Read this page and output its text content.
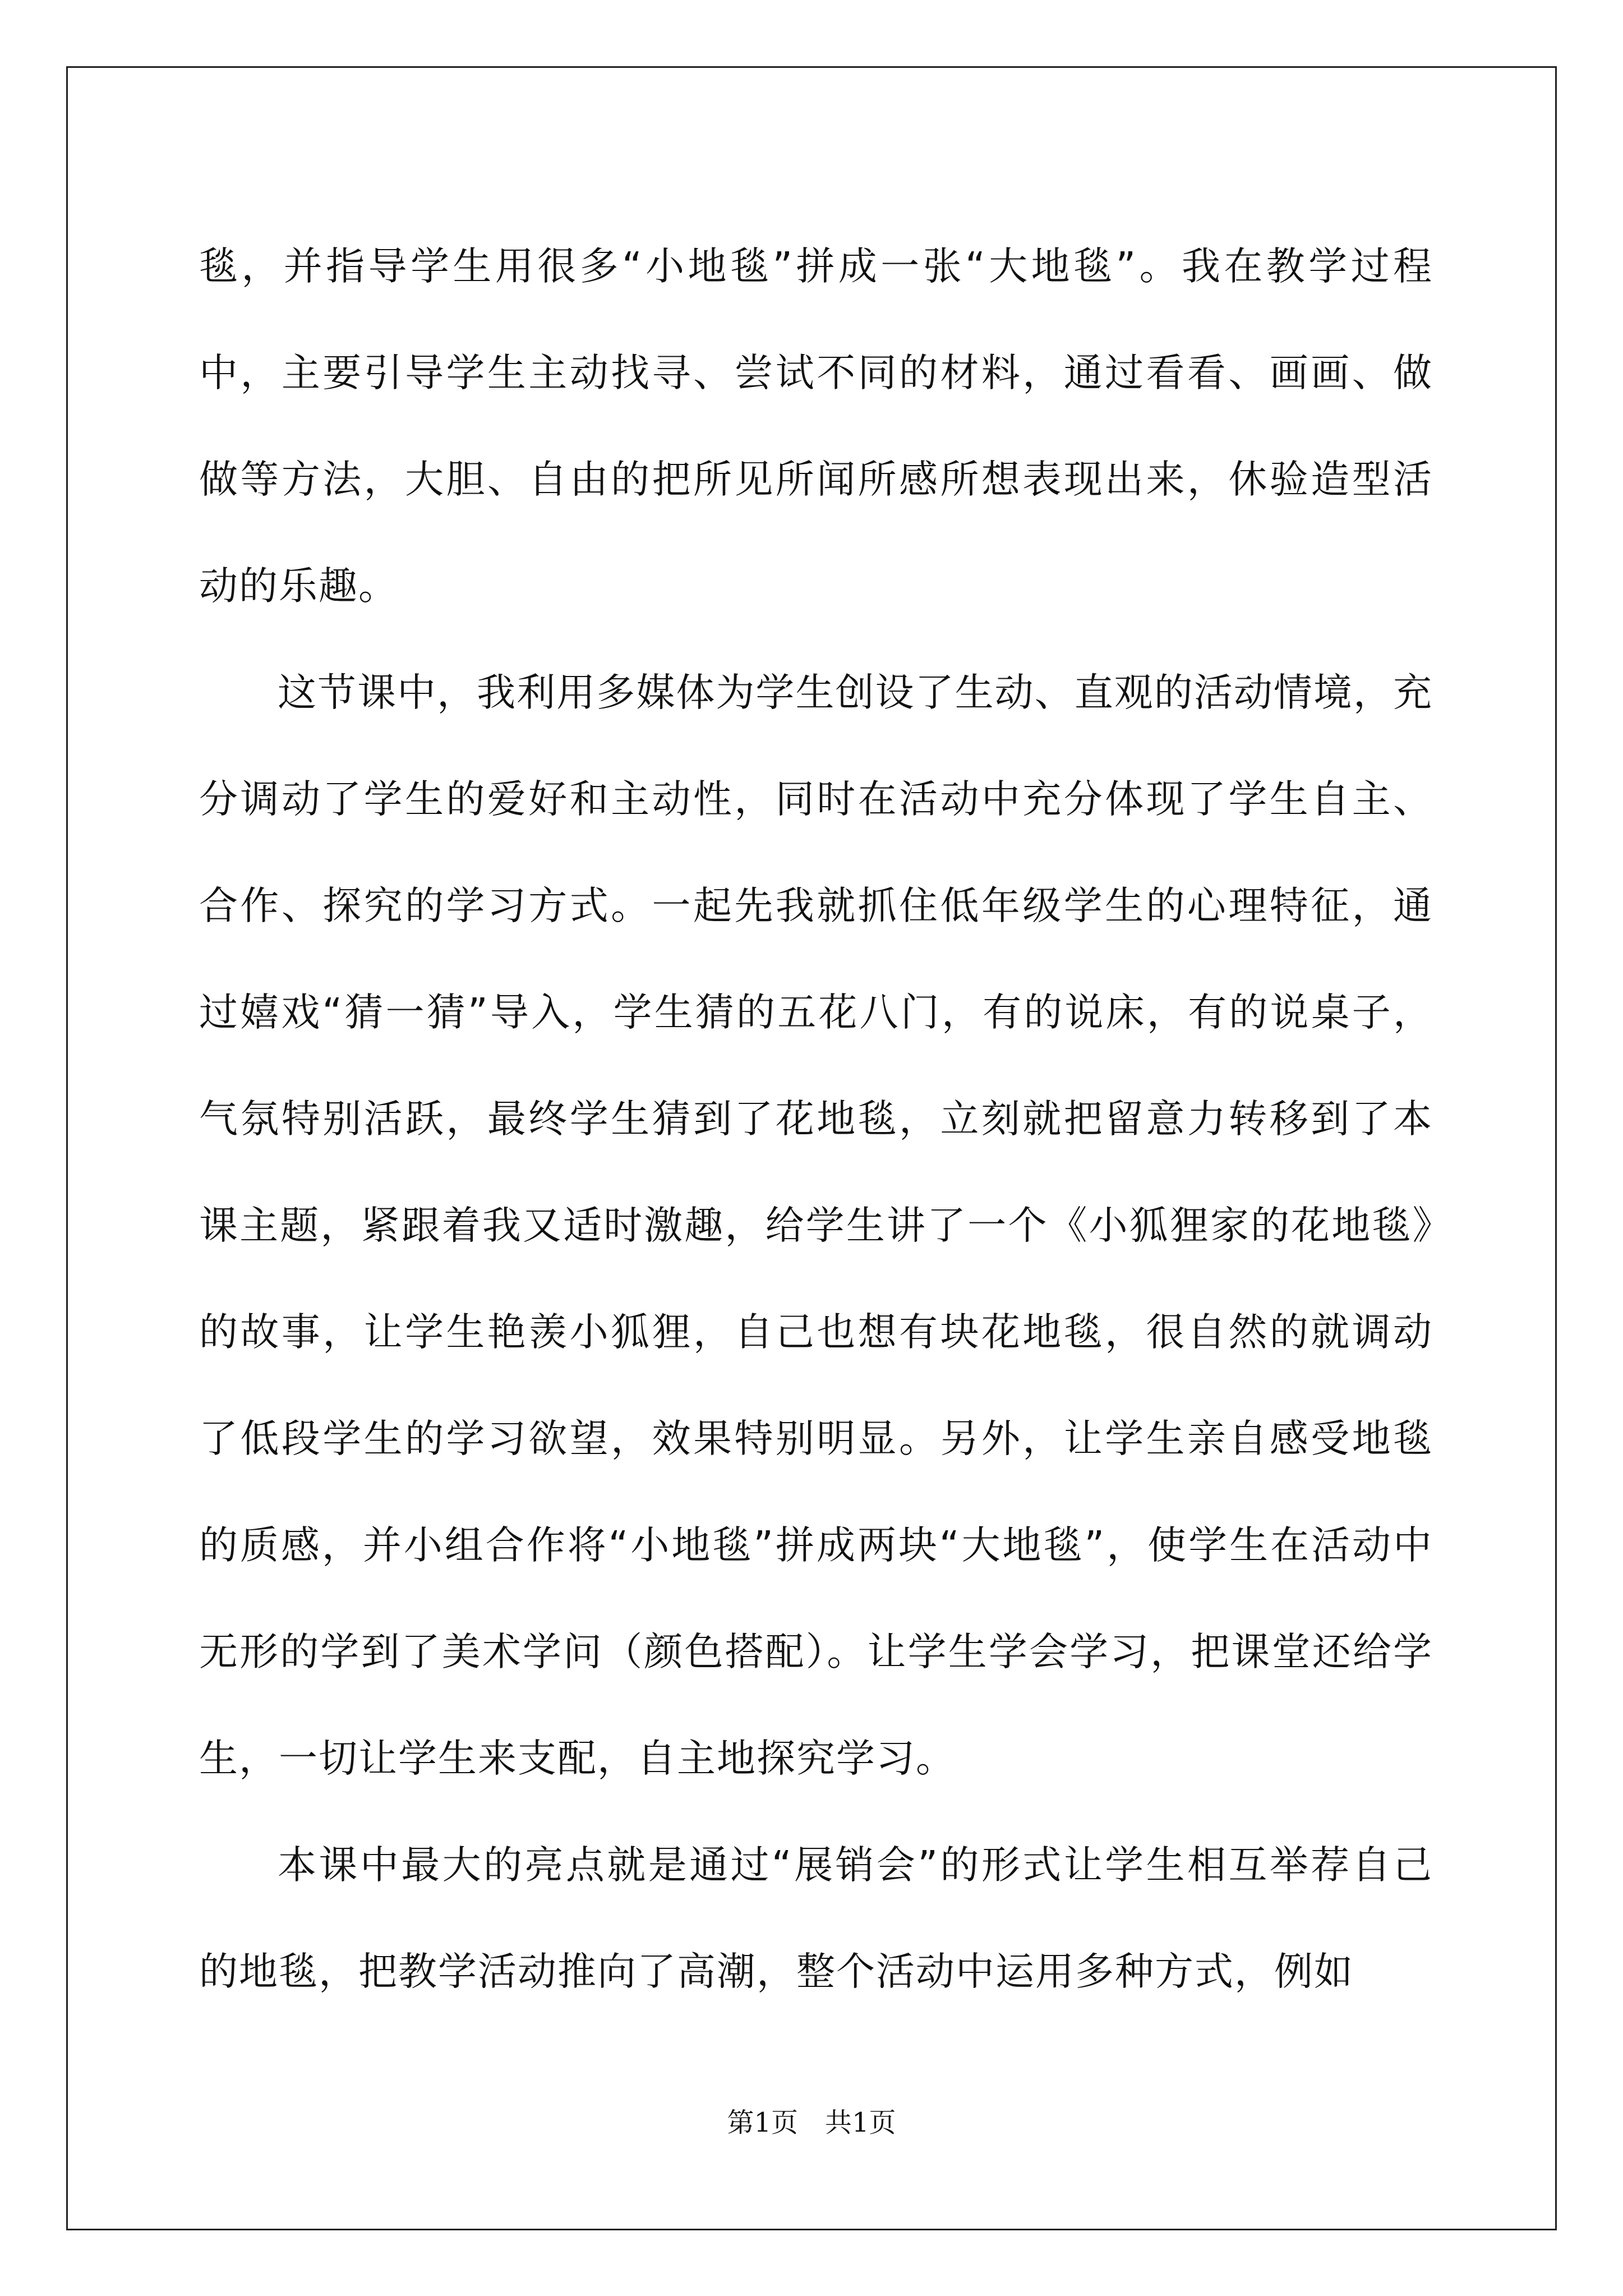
毯，并指导学生用很多“小地毯”拼成一张“大地毯”。我在教学过程中，主要引导学生主动找寻、尝试不同的材料，通过看看、画画、做做等方法，大胆、自由的把所见所闻所感所想表现出来，休验造型活动的乐趣。

这节课中，我利用多媒体为学生创设了生动、直观的活动情境，充分调动了学生的爱好和主动性，同时在活动中充分体现了学生自主、合作、探究的学习方式。一起先我就抓住低年级学生的心理特征，通过嬉戏“猜一猜”导入，学生猜的五花八门，有的说床，有的说桌子，气氛特别活跃，最终学生猜到了花地毯，立刻就把留意力转移到了本课主题，紧跟着我又适时激趣，给学生讲了一个《小狐狸家的花地毯》的故事，让学生艳羡小狐狸，自己也想有块花地毯，很自然的就调动了低段学生的学习欲望，效果特别明显。另外，让学生亲自感受地毯的质感，并小组合作将“小地毯”拼成两块“大地毯”，使学生在活动中无形的学到了美术学问（颜色搭配）。让学生学会学习，把课堂还给学生，一切让学生来支配，自主地探究学习。

本课中最大的亮点就是通过“展销会”的形式让学生相互举荐自己的地毯，把教学活动推向了高潮，整个活动中运用多种方式，例如

第1页　共1页
